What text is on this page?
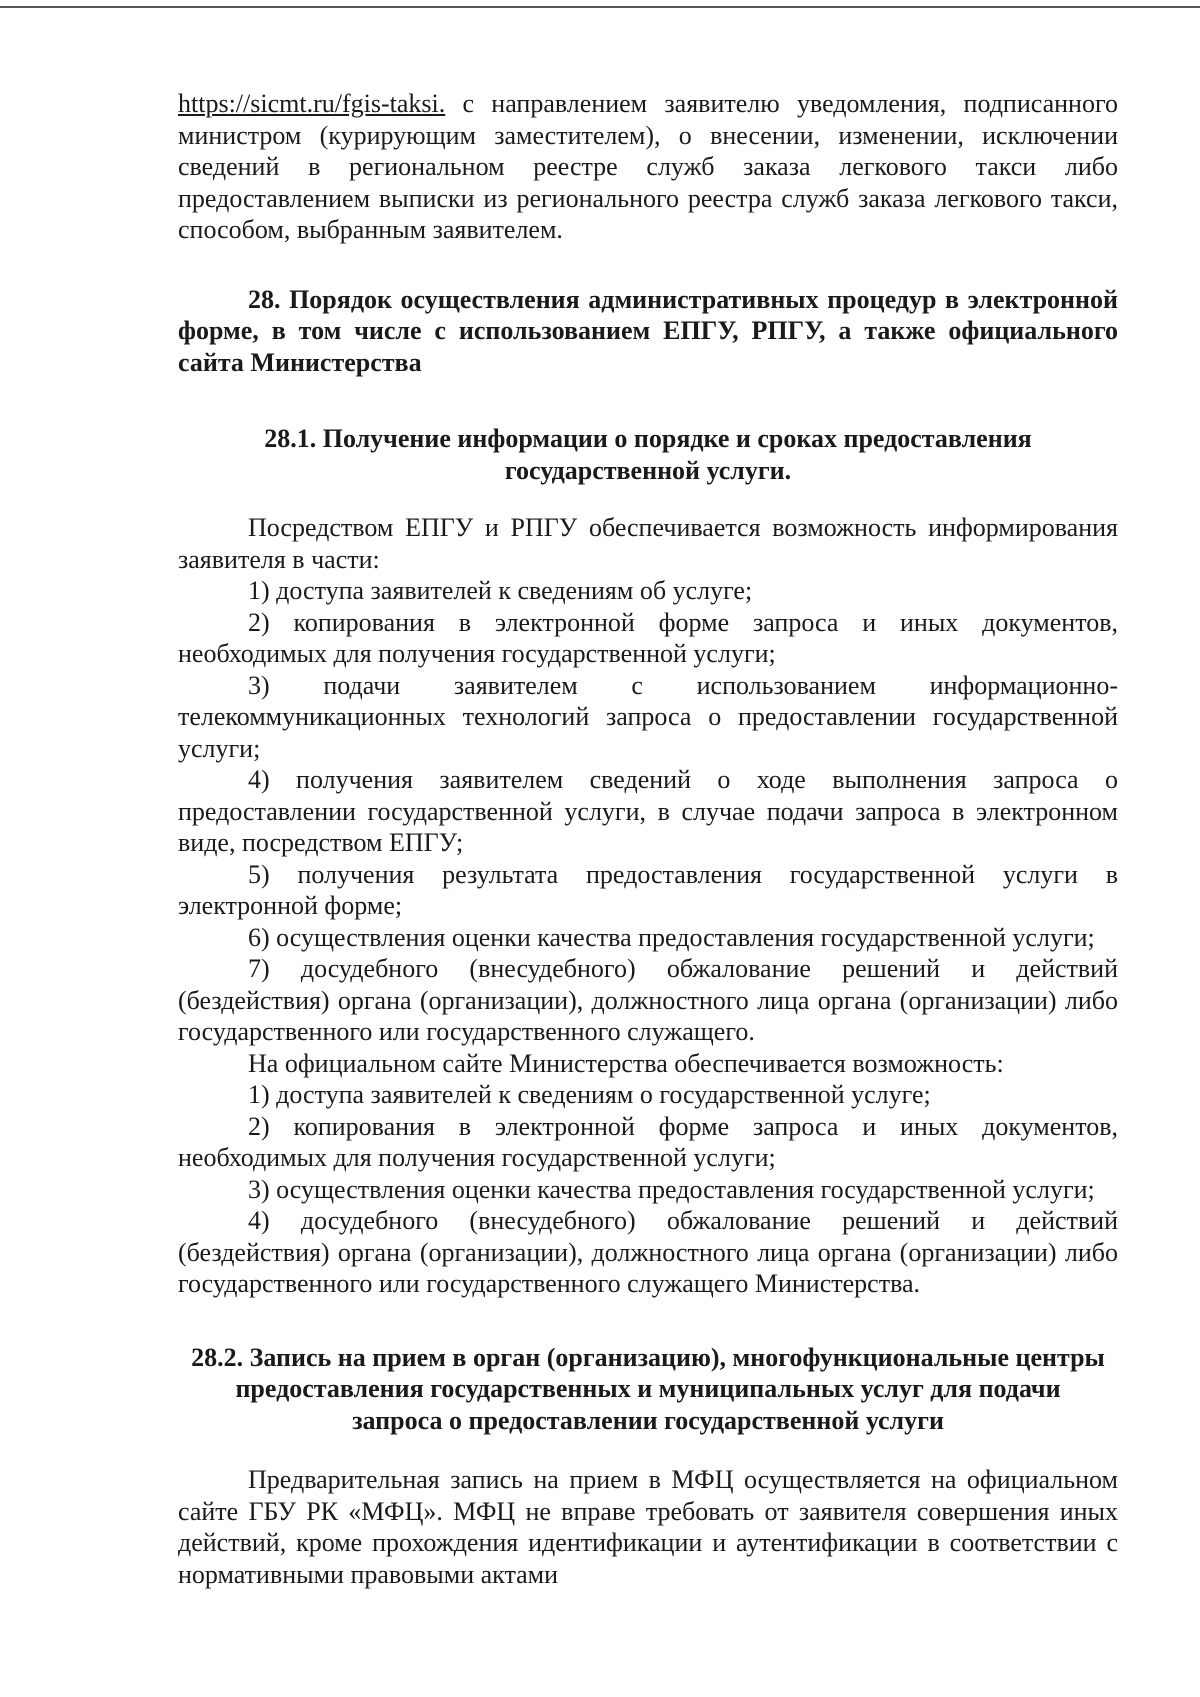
https://sicmt.ru/fgis-taksi. с направлением заявителю уведомления, подписанного министром (курирующим заместителем), о внесении, изменении, исключении сведений в региональном реестре служб заказа легкового такси либо предоставлением выписки из регионального реестра служб заказа легкового такси, способом, выбранным заявителем.

28. Порядок осуществления административных процедур в электронной форме, в том числе с использованием ЕПГУ, РПГУ, а также официального сайта Министерства
28.1. Получение информации о порядке и сроках предоставления государственной услуги.

Посредством ЕПГУ и РПГУ обеспечивается возможность информирования заявителя в части:

1) доступа заявителей к сведениям об услуге;

2) копирования в электронной форме запроса и иных документов, необходимых для получения государственной услуги;

3) подачи заявителем с использованием информационно-телекоммуникационных технологий запроса о предоставлении государственной услуги;

4) получения заявителем сведений о ходе выполнения запроса о предоставлении государственной услуги, в случае подачи запроса в электронном виде, посредством ЕПГУ;

5) получения результата предоставления государственной услуги в электронной форме;

6) осуществления оценки качества предоставления государственной услуги;

7) досудебного (внесудебного) обжалование решений и действий (бездействия) органа (организации), должностного лица органа (организации) либо государственного или государственного служащего.

На официальном сайте Министерства обеспечивается возможность:

1) доступа заявителей к сведениям о государственной услуге;

2) копирования в электронной форме запроса и иных документов, необходимых для получения государственной услуги;

3) осуществления оценки качества предоставления государственной услуги;

4) досудебного (внесудебного) обжалование решений и действий (бездействия) органа (организации), должностного лица органа (организации) либо государственного или государственного служащего Министерства.

28.2. Запись на прием в орган (организацию), многофункциональные центры предоставления государственных и муниципальных услуг для подачи запроса о предоставлении государственной услуги

Предварительная запись на прием в МФЦ осуществляется на официальном сайте ГБУ РК «МФЦ». МФЦ не вправе требовать от заявителя совершения иных действий, кроме прохождения идентификации и аутентификации в соответствии с нормативными правовыми актами
